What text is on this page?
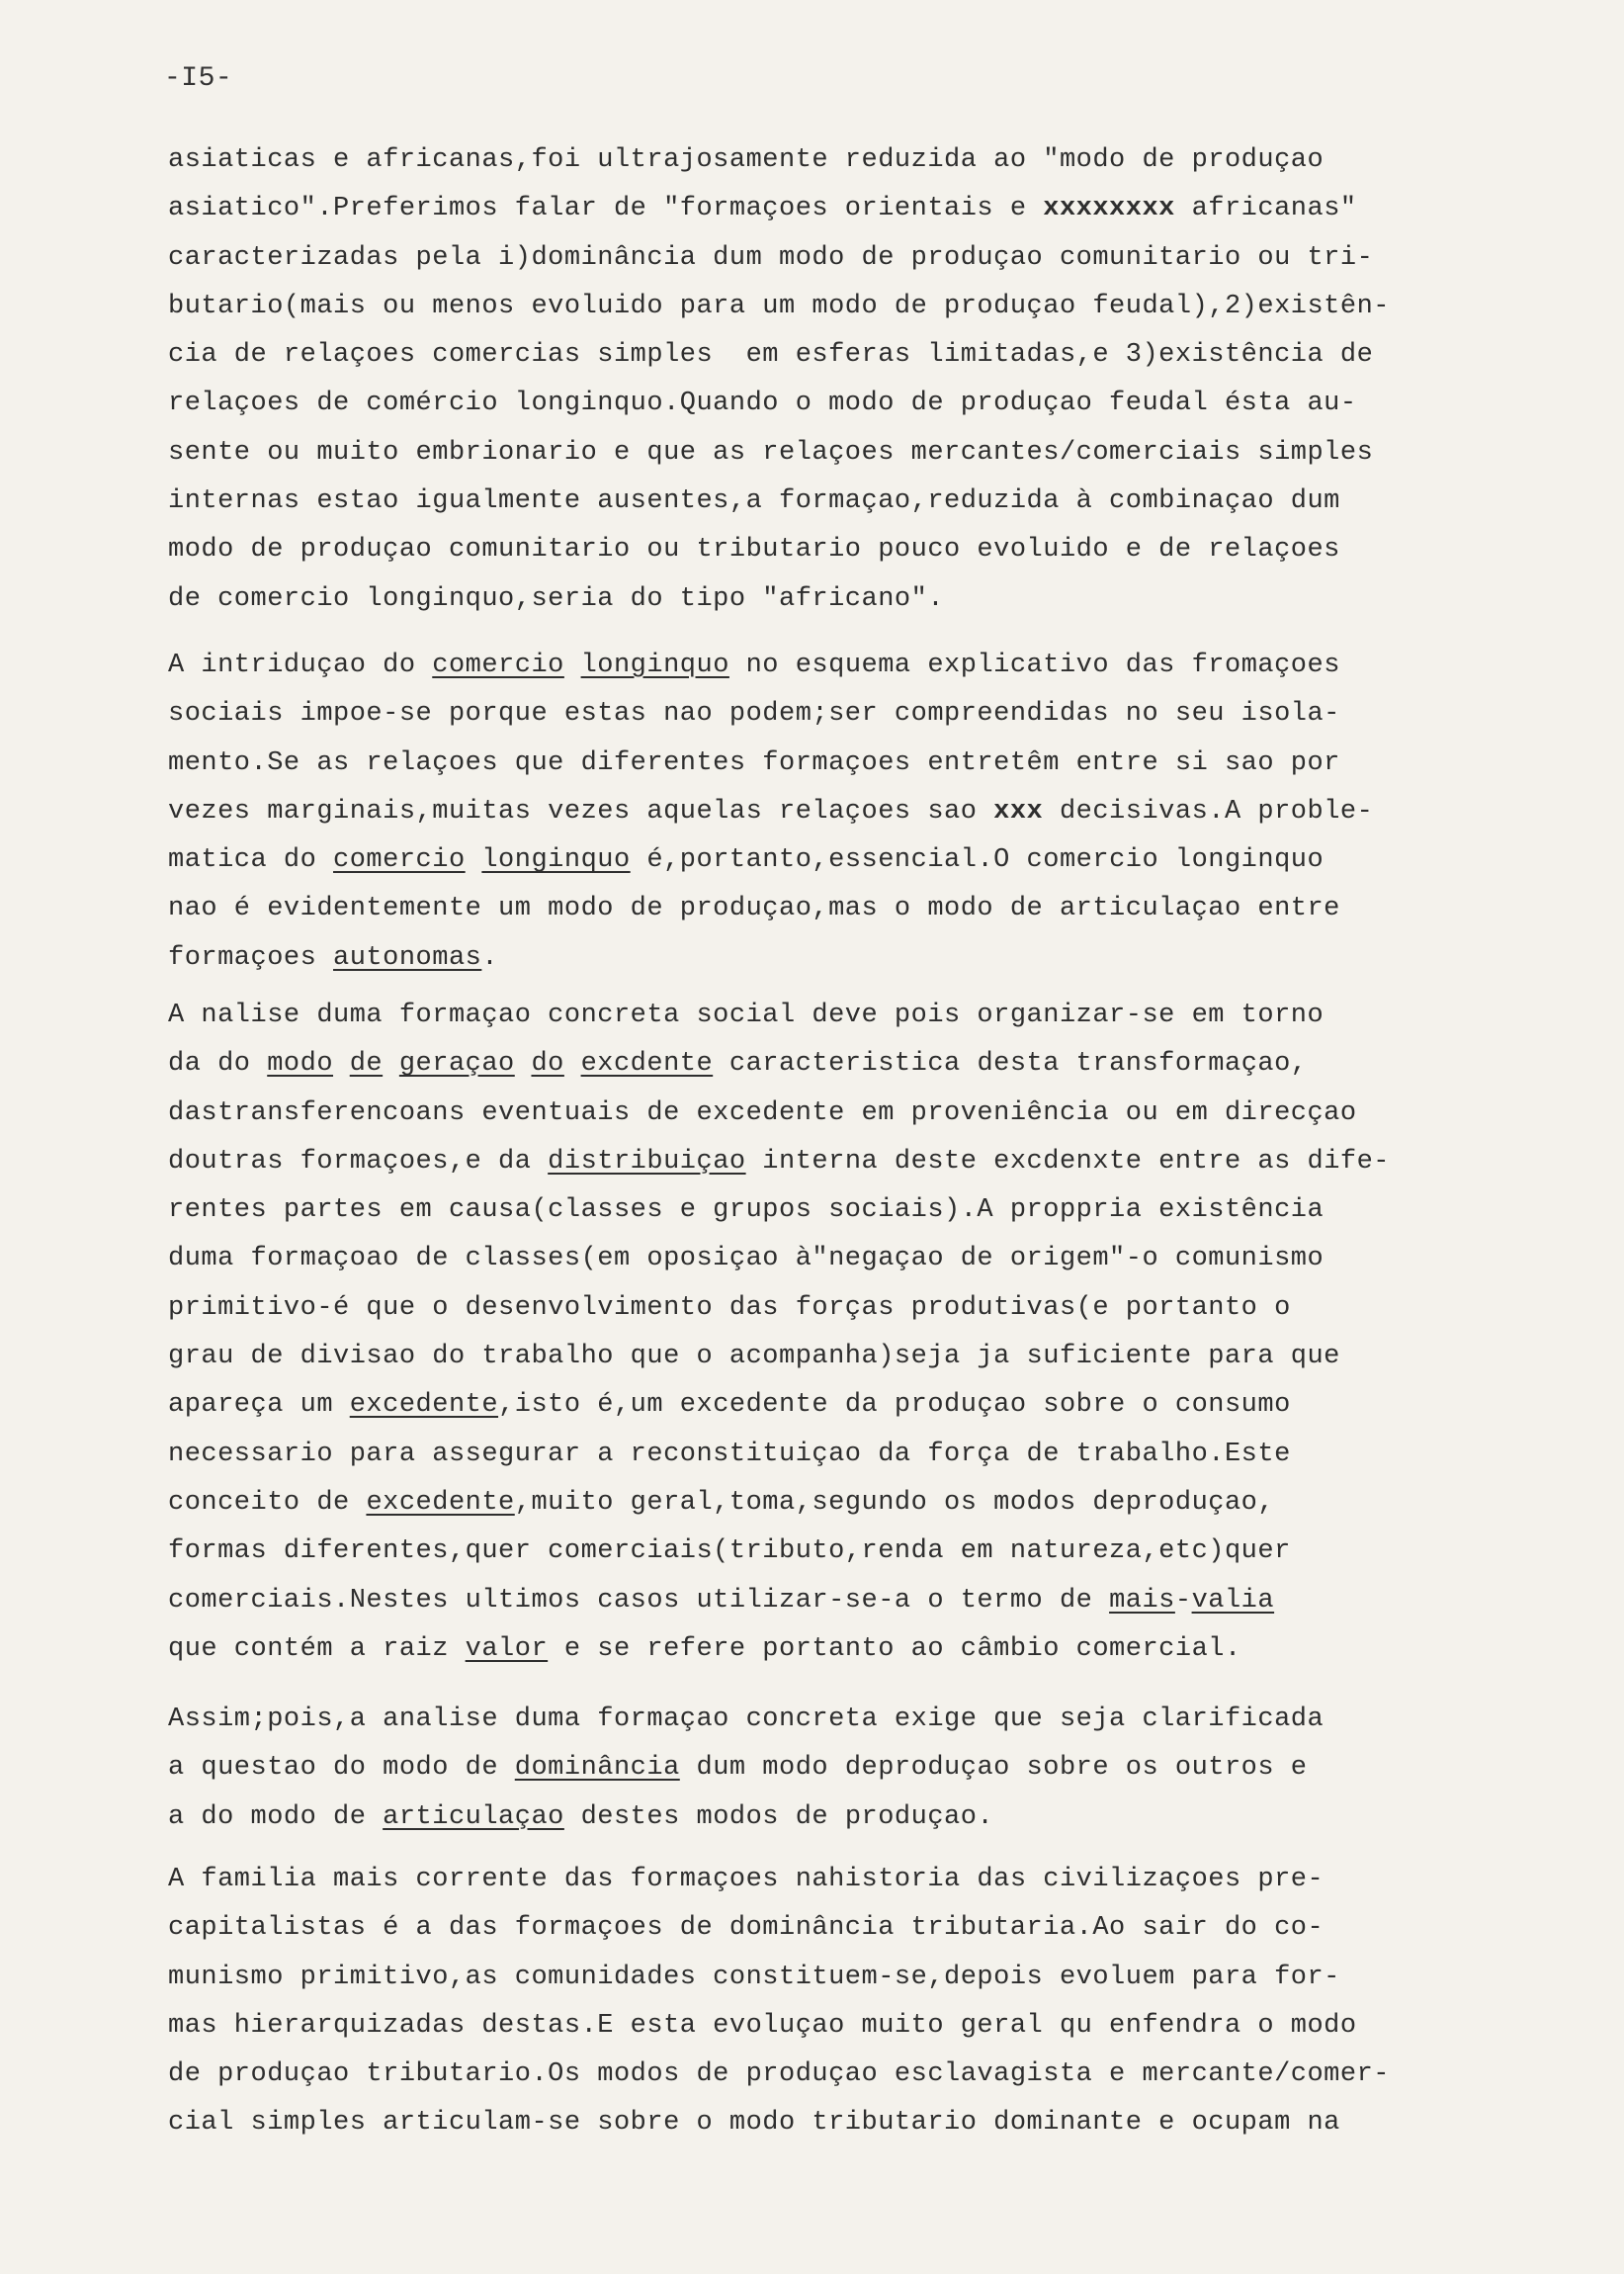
-I5-
asiaticas e africanas,foi ultrajosamente reduzida ao "modo de produçao
asiatico".Preferimos falar de "formaçoes orientais e xxxxxxxx africanas"
caracterizadas pela i)dominância dum modo de produçao comunitario ou tri-
butario(mais ou menos evoluido para um modo de produçao feudal),2)existên-
cia de relaçoes comercias simples  em esferas limitadas,e 3)existência de
relaçoes de comércio longinquo.Quando o modo de produçao feudal ésta au-
sente ou muito embrionario e que as relaçoes mercantes/comerciais simples
internas estao igualmente ausentes,a formaçao,reduzida à combinaçao dum
modo de produçao comunitario ou tributario pouco evoluido e de relaçoes
de comercio longinquo,seria do tipo "africano".
A intriduçao do comercio longinquo no esquema explicativo das fromaçoes
sociais impoe-se porque estas nao podem;ser compreendidas no seu isola-
mento.Se as relaçoes que diferentes formaçoes entretêm entre si sao por
vezes marginais,muitas vezes aquelas relaçoes sao xxx decisivas.A proble-
matica do comercio longinquo é,portanto,essencial.O comercio longinquo
nao é evidentemente um modo de produçao,mas o modo de articulaçao entre
formaçoes autonomas.
A nalise duma formaçao concreta social deve pois organizar-se em torno
da do modo de geraçao do excdente caracteristica desta transformaçao,
dastransferencoans eventuais de excedente em proveniência ou em direcçao
doutras formaçoes,e da distribuiçao interna deste excdenxte entre as dife-
rentes partes em causa(classes e grupos sociais).A proppria existência
duma formaçoao de classes(em oposiçao à"negaçao de origem"-o comunismo
primitivo-é que o desenvolvimento das forças produtivas(e portanto o
grau de divisao do trabalho que o acompanha)seja ja suficiente para que
apareça um excedente,isto é,um excedente da produçao sobre o consumo
necessario para assegurar a reconstituiçao da força de trabalho.Este
conceito de excedente,muito geral,toma,segundo os modos deproduçao,
formas diferentes,quer comerciais(tributo,renda em natureza,etc)quer
comerciais.Nestes ultimos casos utilizar-se-a o termo de mais-valia
que contém a raiz valor e se refere portanto ao câmbio comercial.
Assim;pois,a analise duma formaçao concreta exige que seja clarificada
a questao do modo de dominância dum modo deproduçao sobre os outros e
a do modo de articulaçao destes modos de produçao.
A familia mais corrente das formaçoes nahistoria das civilizaçoes pre-
capitalistas é a das formaçoes de dominância tributaria.Ao sair do co-
munismo primitivo,as comunidades constituem-se,depois evoluem para for-
mas hierarquizadas destas.E esta evoluçao muito geral qu enfendra o modo
de produçao tributario.Os modos de produçao esclavagista e mercante/comer-
cial simples articulam-se sobre o modo tributario dominante e ocupam na
